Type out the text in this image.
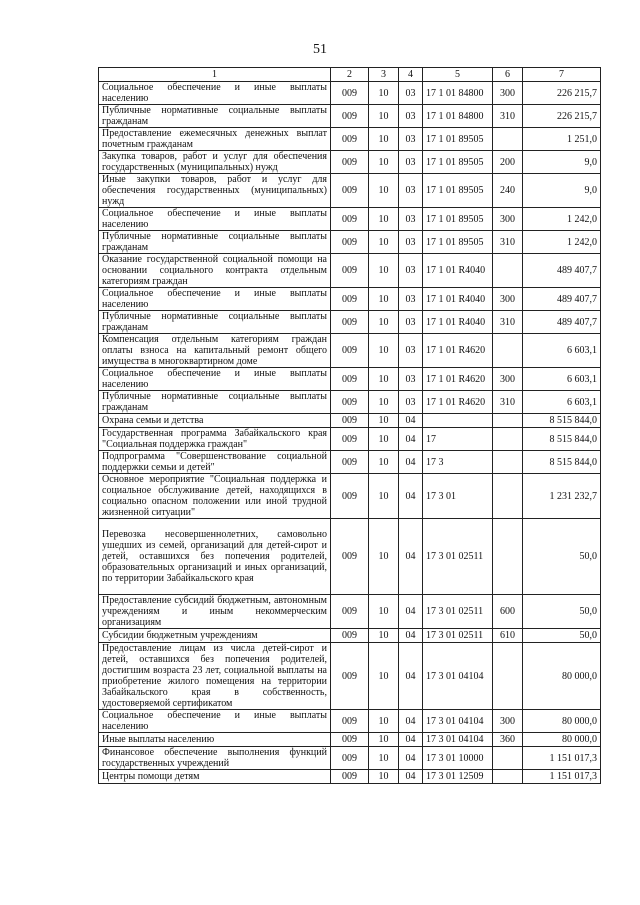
51
1	2	3	4	5	6	7
Социальное обеспечение и иные выплаты населению	009	10	03	17 1 01 84800	300	226 215,7
Публичные нормативные социальные выплаты гражданам	009	10	03	17 1 01 84800	310	226 215,7
Предоставление ежемесячных денежных выплат почетным гражданам	009	10	03	17 1 01 89505		1 251,0
Закупка товаров, работ и услуг для обеспечения государственных (муниципальных) нужд	009	10	03	17 1 01 89505	200	9,0
Иные закупки товаров, работ и услуг для обеспечения государственных (муниципальных) нужд	009	10	03	17 1 01 89505	240	9,0
Социальное обеспечение и иные выплаты населению	009	10	03	17 1 01 89505	300	1 242,0
Публичные нормативные социальные выплаты гражданам	009	10	03	17 1 01 89505	310	1 242,0
Оказание государственной социальной помощи на основании социального контракта отдельным категориям граждан	009	10	03	17 1 01 R4040		489 407,7
Социальное обеспечение и иные выплаты населению	009	10	03	17 1 01 R4040	300	489 407,7
Публичные нормативные социальные выплаты гражданам	009	10	03	17 1 01 R4040	310	489 407,7
Компенсация отдельным категориям граждан оплаты взноса на капитальный ремонт общего имущества в многоквартирном доме	009	10	03	17 1 01 R4620		6 603,1
Социальное обеспечение и иные выплаты населению	009	10	03	17 1 01 R4620	300	6 603,1
Публичные нормативные социальные выплаты гражданам	009	10	03	17 1 01 R4620	310	6 603,1
Охрана семьи и детства	009	10	04			8 515 844,0
Государственная программа Забайкальского края "Социальная поддержка граждан"	009	10	04	17		8 515 844,0
Подпрограмма "Совершенствование социальной поддержки семьи и детей"	009	10	04	17 3		8 515 844,0
Основное мероприятие "Социальная поддержка и социальное обслуживание детей, находящихся в социально опасном положении или иной трудной жизненной ситуации"	009	10	04	17 3 01		1 231 232,7
Перевозка несовершеннолетних, самовольно ушедших из семей, организаций для детей-сирот и детей, оставшихся без попечения родителей, образовательных организаций и иных организаций, по территории Забайкальского края	009	10	04	17 3 01 02511		50,0
Предоставление субсидий бюджетным, автономным учреждениям и иным некоммерческим организациям	009	10	04	17 3 01 02511	600	50,0
Субсидии бюджетным учреждениям	009	10	04	17 3 01 02511	610	50,0
Предоставление лицам из числа детей-сирот и детей, оставшихся без попечения родителей, достигшим возраста 23 лет, социальной выплаты на приобретение жилого помещения на территории Забайкальского края в собственность, удостоверяемой сертификатом	009	10	04	17 3 01 04104		80 000,0
Социальное обеспечение и иные выплаты населению	009	10	04	17 3 01 04104	300	80 000,0
Иные выплаты населению	009	10	04	17 3 01 04104	360	80 000,0
Финансовое обеспечение выполнения функций государственных учреждений	009	10	04	17 3 01 10000		1 151 017,3
Центры помощи детям	009	10	04	17 3 01 12509		1 151 017,3
